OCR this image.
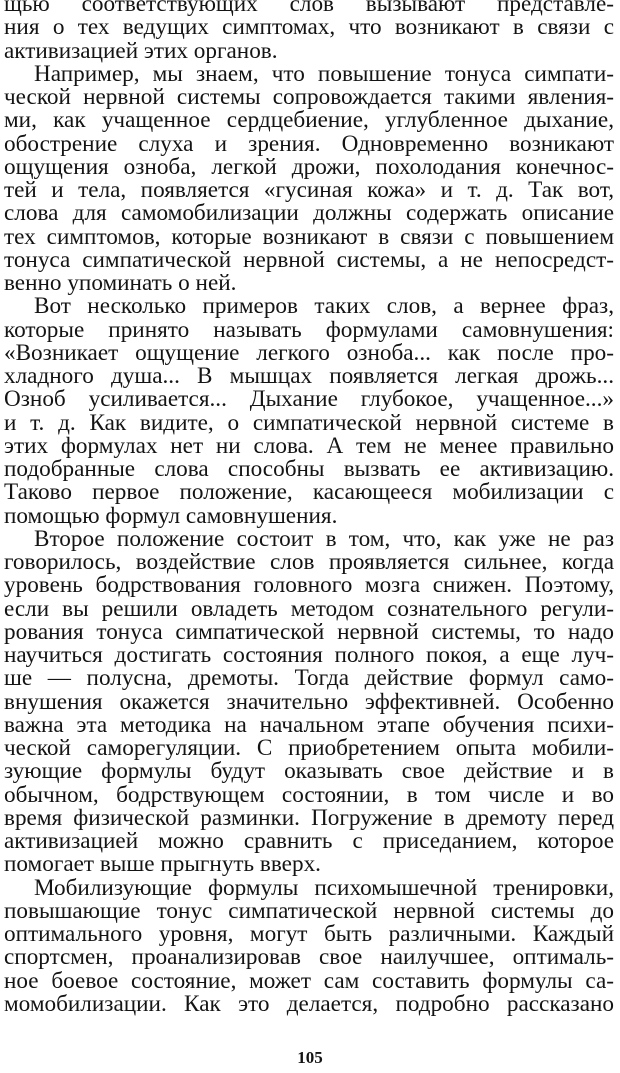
щью соответствующих слов вызывают представле-
ния о тех ведущих симптомах, что возникают в связи с
активизацией этих органов.
Например, мы знаем, что повышение тонуса симпати-
ческой нервной системы сопровождается такими явления-
ми, как учащенное сердцебиение, углубленное дыхание,
обострение слуха и зрения. Одновременно возникают
ощущения озноба, легкой дрожи, похолодания конечнос-
тей и тела, появляется «гусиная кожа» и т. д. Так вот,
слова для самомобилизации должны содержать описание
тех симптомов, которые возникают в связи с повышением
тонуса симпатической нервной системы, а не непосредст-
венно упоминать о ней.
Вот несколько примеров таких слов, а вернее фраз,
которые принято называть формулами самовнушения:
«Возникает ощущение легкого озноба... как после про-
хладного душа... В мышцах появляется легкая дрожь...
Озноб усиливается... Дыхание глубокое, учащенное...»
и т. д. Как видите, о симпатической нервной системе в
этих формулах нет ни слова. А тем не менее правильно
подобранные слова способны вызвать ее активизацию.
Таково первое положение, касающееся мобилизации с
помощью формул самовнушения.
Второе положение состоит в том, что, как уже не раз
говорилось, воздействие слов проявляется сильнее, когда
уровень бодрствования головного мозга снижен. Поэтому,
если вы решили овладеть методом сознательного регули-
рования тонуса симпатической нервной системы, то надо
научиться достигать состояния полного покоя, а еще луч-
ше — полусна, дремоты. Тогда действие формул само-
внушения окажется значительно эффективней. Особенно
важна эта методика на начальном этапе обучения психи-
ческой саморегуляции. С приобретением опыта мобили-
зующие формулы будут оказывать свое действие и в
обычном, бодрствующем состоянии, в том числе и во
время физической разминки. Погружение в дремоту перед
активизацией можно сравнить с приседанием, которое
помогает выше прыгнуть вверх.
Мобилизующие формулы психомышечной тренировки,
повышающие тонус симпатической нервной системы до
оптимального уровня, могут быть различными. Каждый
спортсмен, проанализировав свое наилучшее, оптималь-
ное боевое состояние, может сам составить формулы са-
момобилизации. Как это делается, подробно рассказано
105
